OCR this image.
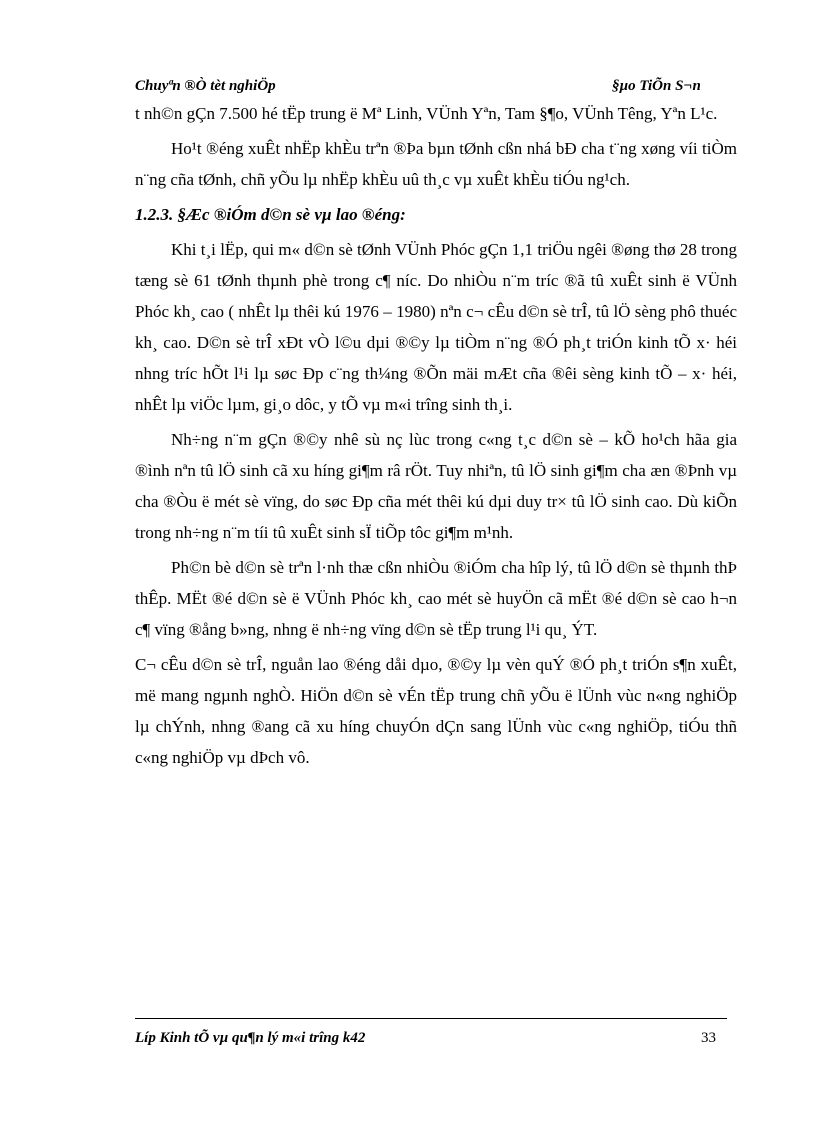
Chuyªn ®Ò tèt nghiÖp	§µo TiÕn S¬n

t nh©n gÇn 7.500 hé tËp trung ë Mª Linh, VÜnh Yªn, Tam §¶o, VÜnh Têng, Yªn L¹c.

Ho¹t ®éng xuÊt nhËp khÈu trªn ®Þa bµn tØnh cßn nhá bÐ cha t¨ng xøng víi tiÒm n¨ng cña tØnh, chñ yÕu lµ nhËp khÈu uû th¸c vµ xuÊt khÈu tiÓu ng¹ch.

1.2.3. §Æc ®iÓm d©n sè vµ lao ®éng:

Khi t¸i lËp, qui m« d©n sè tØnh VÜnh Phóc gÇn 1,1 triÖu ngêi ®øng thø 28 trong tæng sè 61 tØnh thµnh phè trong c¶ níc. Do nhiÒu n¨m tríc ®ã tû xuÊt sinh ë VÜnh Phóc kh¸ cao ( nhÊt lµ thêi kú 1976 – 1980) nªn c¬ cÊu d©n sè trÎ, tû lÖ sèng phô thuéc kh¸ cao. D©n sè trÎ xÐt vÒ l©u dµi ®©y lµ tiÒm n¨ng ®Ó ph¸t triÓn kinh tÕ x· héi nhng tríc hÕt l¹i lµ søc Ðp c¨ng th¼ng ®Õn mäi mÆt cña ®êi sèng kinh tÕ – x· héi, nhÊt lµ viÖc lµm, gi¸o dôc, y tÕ vµ m«i trîng sinh th¸i.

Nh÷ng n¨m gÇn ®©y nhê sù nç lùc trong c«ng t¸c d©n sè – kÕ ho¹ch hãa gia ®ình nªn tû lÖ sinh cã xu híng gi¶m râ rÖt. Tuy nhiªn, tû lÖ sinh gi¶m cha æn ®Þnh vµ cha ®Òu ë mét sè vïng, do søc Ðp cña mét thêi kú dµi duy tr× tû lÖ sinh cao. Dù kiÕn trong nh÷ng n¨m tíi tû xuÊt sinh sÏ tiÕp tôc gi¶m m¹nh.

Ph©n bè d©n sè trªn l·nh thæ cßn nhiÒu ®iÓm cha hîp lý, tû lÖ d©n sè thµnh thÞ thÊp. MËt ®é d©n sè ë VÜnh Phóc kh¸ cao mét sè huyÖn cã mËt ®é d©n sè cao h¬n c¶ vïng ®ång b»ng, nhng ë nh÷ng vïng d©n sè tËp trung l¹i qu¸ ÝT.

C¬ cÊu d©n sè trÎ, nguån lao ®éng dåi dµo, ®©y lµ vèn quÝ ®Ó ph¸t triÓn s¶n xuÊt, më mang ngµnh nghÒ. HiÖn d©n sè vÉn tËp trung chñ yÕu ë lÜnh vùc n«ng nghiÖp lµ chÝnh, nhng ®ang cã xu híng chuyÓn dÇn sang lÜnh vùc c«ng nghiÖp, tiÓu thñ c«ng nghiÖp vµ dÞch vô.

Líp Kinh tÕ vµ qu¶n lý m«i trîng k42	33
